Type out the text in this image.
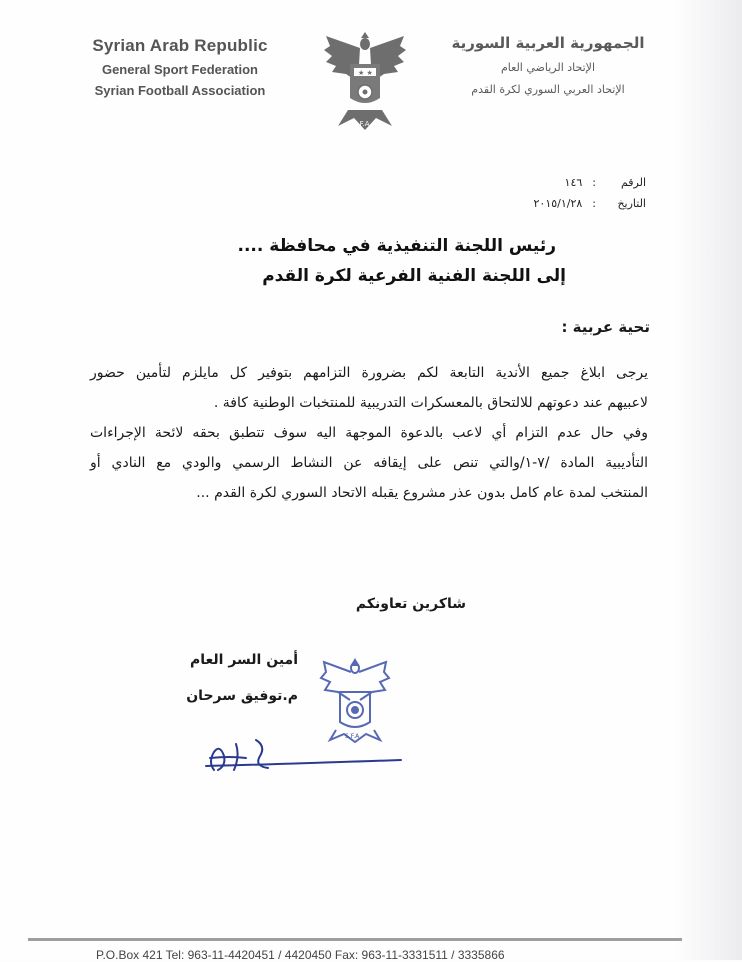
Syrian Arab Republic
General Sport Federation
Syrian Football Association
★ ★
S.F.A
الجمهورية العربية السورية
الإتحاد الرياضي العام
الإتحاد العربي السوري لكرة القدم
الرقم
:
١٤٦
التاريخ
:
٢٠١٥/١/٢٨
رئيس اللجنة التنفيذية في محافظة ....
إلى اللجنة الفنية الفرعية لكرة القدم
تحية عربية :

يرجى ابلاغ جميع الأندية التابعة لكم بضرورة التزامهم بتوفير كل مايلزم لتأمين حضور

لاعبيهم عند دعوتهم للالتحاق بالمعسكرات التدريبية للمنتخبات الوطنية كافة .

وفي حال عدم التزام أي لاعب بالدعوة الموجهة اليه سوف تتطبق بحقه لائحة الإجراءات

التأديبية المادة /٧-١/والتي تنص على إيقافه عن النشاط الرسمي والودي مع النادي أو

المنتخب لمدة عام كامل بدون عذر مشروع يقبله الاتحاد السوري لكرة القدم ...

شاكرين تعاونكم
أمين السر العام
م.توفيق سرحان
S.F.A
P.O.Box 421 Tel: 963-11-4420451 / 4420450 Fax: 963-11-3331511 / 3335866
